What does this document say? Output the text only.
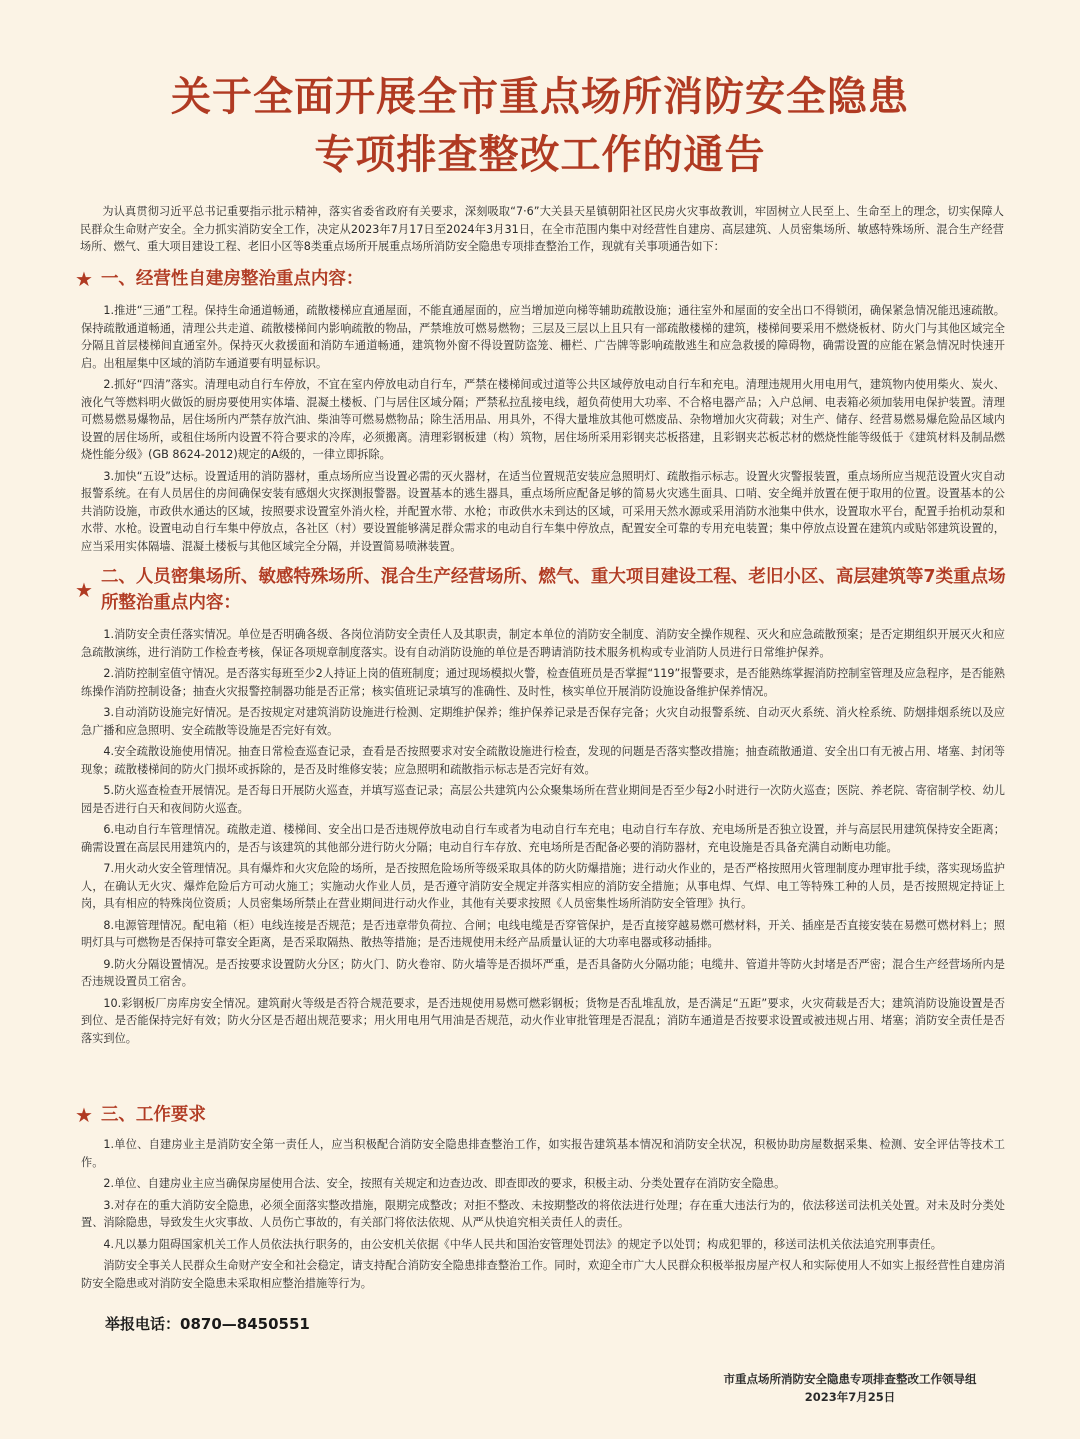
关于全面开展全市重点场所消防安全隐患
专项排查整改工作的通告
为认真贯彻习近平总书记重要指示批示精神，落实省委省政府有关要求，深刻吸取“7·6”大关县天星镇朝阳社区民房火灾事故教训，牢固树立人民至上、生命至上的理念，切实保障人民群众生命财产安全。全力抓实消防安全工作，决定从2023年7月17日至2024年3月31日，在全市范围内集中对经营性自建房、高层建筑、人员密集场所、敏感特殊场所、混合生产经营场所、燃气、重大项目建设工程、老旧小区等8类重点场所开展重点场所消防安全隐患专项排查整治工作，现就有关事项通告如下：
★ 一、经营性自建房整治重点内容：

1.推进“三通”工程。保持生命通道畅通，疏散楼梯应直通屋面，不能直通屋面的，应当增加逆向梯等辅助疏散设施；通往室外和屋面的安全出口不得锁闭，确保紧急情况能迅速疏散。保持疏散通道畅通，清理公共走道、疏散楼梯间内影响疏散的物品，严禁堆放可燃易燃物；三层及三层以上且只有一部疏散楼梯的建筑，楼梯间要采用不燃烧板材、防火门与其他区域完全分隔且首层楼梯间直通室外。保持灭火救援面和消防车通道畅通，建筑物外窗不得设置防盗笼、栅栏、广告牌等影响疏散逃生和应急救援的障碍物，确需设置的应能在紧急情况时快速开启。出租屋集中区域的消防车通道要有明显标识。

2.抓好“四清”落实。清理电动自行车停放，不宜在室内停放电动自行车，严禁在楼梯间或过道等公共区域停放电动自行车和充电。清理违规用火用电用气，建筑物内使用柴火、炭火、液化气等燃料明火做饭的厨房要使用实体墙、混凝土楼板、门与居住区域分隔；严禁私拉乱接电线，超负荷使用大功率、不合格电器产品；入户总闸、电表箱必须加装用电保护装置。清理可燃易燃易爆物品，居住场所内严禁存放汽油、柴油等可燃易燃物品；除生活用品、用具外，不得大量堆放其他可燃废品、杂物增加火灾荷载；对生产、储存、经营易燃易爆危险品区域内设置的居住场所，或租住场所内设置不符合要求的冷库，必须搬离。清理彩钢板建（构）筑物，居住场所采用彩钢夹芯板搭建，且彩钢夹芯板芯材的燃烧性能等级低于《建筑材料及制品燃烧性能分级》(GB 8624-2012)规定的A级的，一律立即拆除。

3.加快“五设”达标。设置适用的消防器材，重点场所应当设置必需的灭火器材，在适当位置规范安装应急照明灯、疏散指示标志。设置火灾警报装置，重点场所应当规范设置火灾自动报警系统。在有人员居住的房间确保安装有感烟火灾探测报警器。设置基本的逃生器具，重点场所应配备足够的简易火灾逃生面具、口哨、安全绳并放置在便于取用的位置。设置基本的公共消防设施，市政供水通达的区域，按照要求设置室外消火栓，并配置水带、水枪；市政供水未到达的区域，可采用天然水源或采用消防水池集中供水，设置取水平台，配置手抬机动泵和水带、水枪。设置电动自行车集中停放点，各社区（村）要设置能够满足群众需求的电动自行车集中停放点，配置安全可靠的专用充电装置；集中停放点设置在建筑内或贴邻建筑设置的，应当采用实体隔墙、混凝土楼板与其他区域完全分隔，并设置简易喷淋装置。

★
二、人员密集场所、敏感特殊场所、混合生产经营场所、燃气、重大项目建设工程、老旧小区、高层建筑等7类重点场所整治重点内容：

1.消防安全责任落实情况。单位是否明确各级、各岗位消防安全责任人及其职责，制定本单位的消防安全制度、消防安全操作规程、灭火和应急疏散预案；是否定期组织开展灭火和应急疏散演练，进行消防工作检查考核，保证各项规章制度落实。设有自动消防设施的单位是否聘请消防技术服务机构或专业消防人员进行日常维护保养。

2.消防控制室值守情况。是否落实每班至少2人持证上岗的值班制度；通过现场模拟火警，检查值班员是否掌握“119”报警要求，是否能熟练掌握消防控制室管理及应急程序，是否能熟练操作消防控制设备；抽查火灾报警控制器功能是否正常；核实值班记录填写的准确性、及时性，核实单位开展消防设施设备维护保养情况。

3.自动消防设施完好情况。是否按规定对建筑消防设施进行检测、定期维护保养；维护保养记录是否保存完备；火灾自动报警系统、自动灭火系统、消火栓系统、防烟排烟系统以及应急广播和应急照明、安全疏散等设施是否完好有效。

4.安全疏散设施使用情况。抽查日常检查巡查记录，查看是否按照要求对安全疏散设施进行检查，发现的问题是否落实整改措施；抽查疏散通道、安全出口有无被占用、堵塞、封闭等现象；疏散楼梯间的防火门损坏或拆除的，是否及时维修安装；应急照明和疏散指示标志是否完好有效。

5.防火巡查检查开展情况。是否每日开展防火巡查，并填写巡查记录；高层公共建筑内公众聚集场所在营业期间是否至少每2小时进行一次防火巡查；医院、养老院、寄宿制学校、幼儿园是否进行白天和夜间防火巡查。

6.电动自行车管理情况。疏散走道、楼梯间、安全出口是否违规停放电动自行车或者为电动自行车充电；电动自行车存放、充电场所是否独立设置，并与高层民用建筑保持安全距离；确需设置在高层民用建筑内的，是否与该建筑的其他部分进行防火分隔；电动自行车存放、充电场所是否配备必要的消防器材，充电设施是否具备充满自动断电功能。

7.用火动火安全管理情况。具有爆炸和火灾危险的场所，是否按照危险场所等级采取具体的防火防爆措施；进行动火作业的，是否严格按照用火管理制度办理审批手续，落实现场监护人，在确认无火灾、爆炸危险后方可动火施工；实施动火作业人员，是否遵守消防安全规定并落实相应的消防安全措施；从事电焊、气焊、电工等特殊工种的人员，是否按照规定持证上岗，具有相应的特殊岗位资质；人员密集场所禁止在营业期间进行动火作业，其他有关要求按照《人员密集性场所消防安全管理》执行。

8.电源管理情况。配电箱（柜）电线连接是否规范；是否违章带负荷拉、合闸；电线电缆是否穿管保护，是否直接穿越易燃可燃材料，开关、插座是否直接安装在易燃可燃材料上；照明灯具与可燃物是否保持可靠安全距离，是否采取隔热、散热等措施；是否违规使用未经产品质量认证的大功率电器或移动插排。

9.防火分隔设置情况。是否按要求设置防火分区；防火门、防火卷帘、防火墙等是否损坏严重，是否具备防火分隔功能；电缆井、管道井等防火封堵是否严密；混合生产经营场所内是否违规设置员工宿舍。

10.彩钢板厂房库房安全情况。建筑耐火等级是否符合规范要求，是否违规使用易燃可燃彩钢板；货物是否乱堆乱放，是否满足“五距”要求，火灾荷载是否大；建筑消防设施设置是否到位、是否能保持完好有效；防火分区是否超出规范要求；用火用电用气用油是否规范，动火作业审批管理是否混乱；消防车通道是否按要求设置或被违规占用、堵塞；消防安全责任是否落实到位。

★ 三、工作要求

1.单位、自建房业主是消防安全第一责任人，应当积极配合消防安全隐患排查整治工作，如实报告建筑基本情况和消防安全状况，积极协助房屋数据采集、检测、安全评估等技术工作。

2.单位、自建房业主应当确保房屋使用合法、安全，按照有关规定和边查边改、即查即改的要求，积极主动、分类处置存在消防安全隐患。

3.对存在的重大消防安全隐患，必须全面落实整改措施，限期完成整改；对拒不整改、未按期整改的将依法进行处理；存在重大违法行为的，依法移送司法机关处置。对未及时分类处置、消除隐患，导致发生火灾事故、人员伤亡事故的，有关部门将依法依规、从严从快追究相关责任人的责任。

4.凡以暴力阻碍国家机关工作人员依法执行职务的，由公安机关依据《中华人民共和国治安管理处罚法》的规定予以处罚；构成犯罪的，移送司法机关依法追究刑事责任。

消防安全事关人民群众生命财产安全和社会稳定，请支持配合消防安全隐患排查整治工作。同时，欢迎全市广大人民群众积极举报房屋产权人和实际使用人不如实上报经营性自建房消防安全隐患或对消防安全隐患未采取相应整治措施等行为。

举报电话：0870—8450551
市重点场所消防安全隐患专项排查整改工作领导组
2023年7月25日
